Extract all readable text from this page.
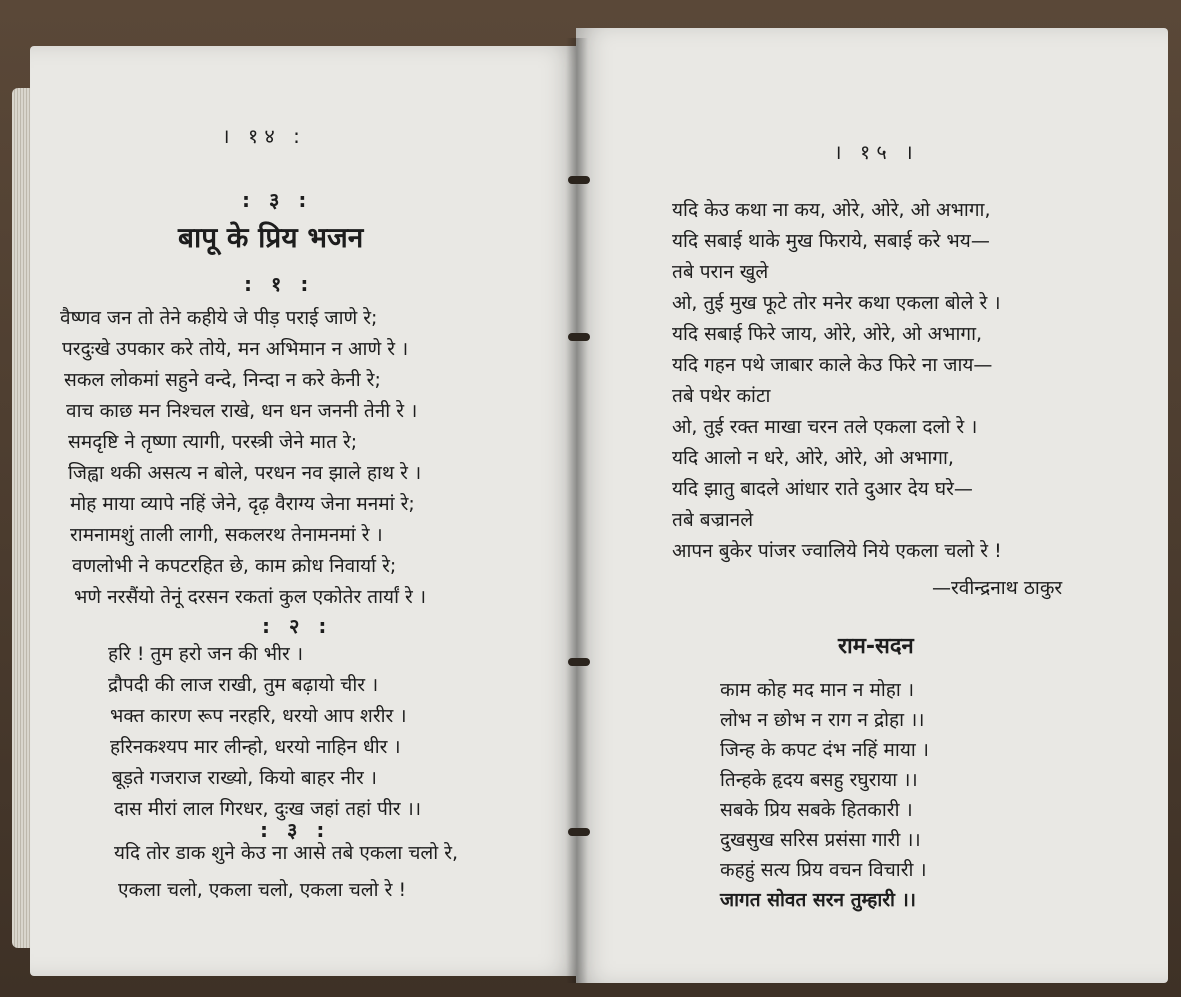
। १४ :
: ३ :
बापू के प्रिय भजन
: १ :
वैष्णव जन तो तेने कहीये जे पीड़ पराई जाणे रे;
परदुःखे उपकार करे तोये, मन अभिमान न आणे रे ।
सकल लोकमां सहुने वन्दे, निन्दा न करे केनी रे;
वाच काछ मन निश्चल राखे, धन धन जननी तेनी रे ।
समदृष्टि ने तृष्णा त्यागी, परस्त्री जेने मात रे;
जिह्वा थकी असत्य न बोले, परधन नव झाले हाथ रे ।
मोह माया व्यापे नहिं जेने, दृढ़ वैराग्य जेना मनमां रे;
रामनामशुं ताली लागी, सकलरथ तेनामनमां रे ।
वणलोभी ने कपटरहित छे, काम क्रोध निवार्या रे;
भणे नरसैंयो तेनूं दरसन रकतां कुल एकोतेर तार्यां रे ।
: २ :
हरि ! तुम हरो जन की भीर ।
द्रौपदी की लाज राखी, तुम बढ़ायो चीर ।
भक्त कारण रूप नरहरि, धरयो आप शरीर ।
हरिनकश्यप मार लीन्हो, धरयो नाहिन धीर ।
बूड़ते गजराज राख्यो, कियो बाहर नीर ।
दास मीरां लाल गिरधर, दुःख जहां तहां पीर ।।
: ३ :
यदि तोर डाक शुने केउ ना आसे तबे एकला चलो रे,
एकला चलो, एकला चलो, एकला चलो रे !
। १५ ।
यदि केउ कथा ना कय, ओरे, ओरे, ओ अभागा,
यदि सबाई थाके मुख फिराये, सबाई करे भय—
तबे परान खुले
ओ, तुई मुख फूटे तोर मनेर कथा एकला बोले रे ।
यदि सबाई फिरे जाय, ओरे, ओरे, ओ अभागा,
यदि गहन पथे जाबार काले केउ फिरे ना जाय—
तबे पथेर कांटा
ओ, तुई रक्त माखा चरन तले एकला दलो रे ।
यदि आलो न धरे, ओरे, ओरे, ओ अभागा,
यदि झातु बादले आंधार राते दुआर देय घरे—
तबे बज्रानले
आपन बुकेर पांजर ज्वालिये निये एकला चलो रे !
—रवीन्द्रनाथ ठाकुर
राम-सदन
काम कोह मद मान न मोहा ।
लोभ न छोभ न राग न द्रोहा ।।
जिन्ह के कपट दंभ नहिं माया ।
तिन्हके हृदय बसहु रघुराया ।।
सबके प्रिय सबके हितकारी ।
दुखसुख सरिस प्रसंसा गारी ।।
कहहुं सत्य प्रिय वचन विचारी ।
जागत सोवत सरन तुम्हारी ।।
